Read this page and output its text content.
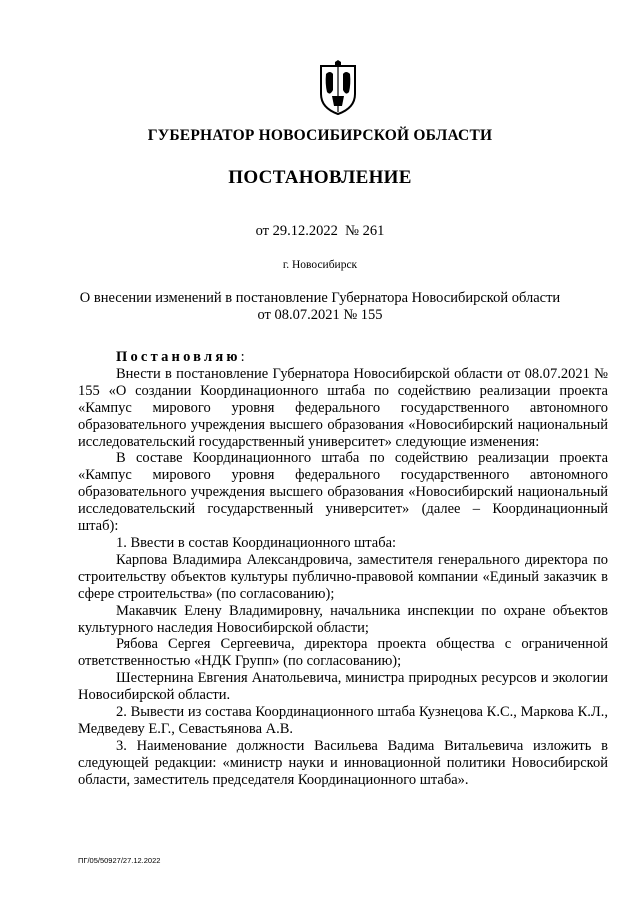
ГУБЕРНАТОР НОВОСИБИРСКОЙ ОБЛАСТИ
ПОСТАНОВЛЕНИЕ
от 29.12.2022  № 261
г. Новосибирск
О внесении изменений в постановление Губернатора Новосибирской области
от 08.07.2021 № 155

Постановляю:

Внести в постановление Губернатора Новосибирской области от 08.07.2021 № 155 «О создании Координационного штаба по содействию реализации проекта «Кампус мирового уровня федерального государственного автономного образовательного учреждения высшего образования «Новосибирский национальный исследовательский государственный университет» следующие изменения:

В составе Координационного штаба по содействию реализации проекта «Кампус мирового уровня федерального государственного автономного образовательного учреждения высшего образования «Новосибирский национальный исследовательский государственный университет» (далее – Координационный штаб):

1. Ввести в состав Координационного штаба:

Карпова Владимира Александровича, заместителя генерального директора по строительству объектов культуры публично-правовой компании «Единый заказчик в сфере строительства» (по согласованию);

Макавчик Елену Владимировну, начальника инспекции по охране объектов культурного наследия Новосибирской области;

Рябова Сергея Сергеевича, директора проекта общества с ограниченной ответственностью «НДК Групп» (по согласованию);

Шестернина Евгения Анатольевича, министра природных ресурсов и экологии Новосибирской области.

2. Вывести из состава Координационного штаба Кузнецова К.С., Маркова К.Л., Медведеву Е.Г., Севастьянова А.В.

3. Наименование должности Васильева Вадима Витальевича изложить в следующей редакции: «министр науки и инновационной политики Новосибирской области, заместитель председателя Координационного штаба».

ПГ/05/50927/27.12.2022
